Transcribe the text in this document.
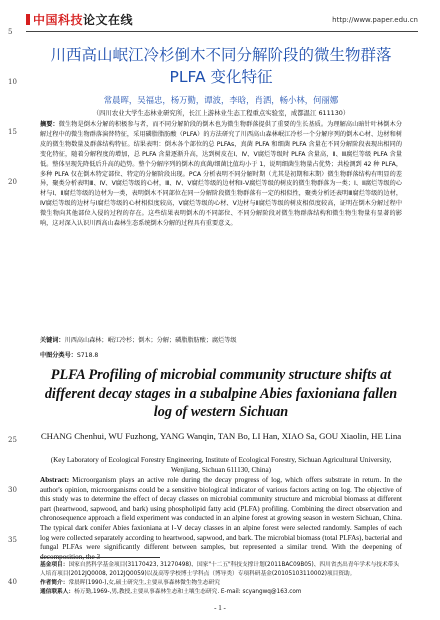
中国科技论文在线	http://www.paper.edu.cn
5
10
15
20
25
30
35
40
川西高山岷江冷杉倒木不同分解阶段的微生物群落 PLFA 变化特征
常晨晖，吴福忠，杨万勤，谭波，李晗，肖洒，畅小林，何丽娜
（四川农业大学生态林业研究所，长江上游林业生态工程重点实验室，成都温江 611130）
摘要：微生物是倒木分解的积极参与者，而不同分解阶段的倒木也为微生物群落提供了重要的生长基质。为理解高山暗针叶林倒木分解过程中的微生物群落演替特征，采用磷脂脂肪酸（PLFA）的方法研究了川西高山森林岷江冷杉一个分解序列的倒木心材、边材和树皮的微生物数量及群落结构特征。结果表明：倒木各个部位的总 PLFAs，真菌 PLFA 和细菌 PLFA 含量在不同分解阶段表现出相同的变化特征，随着分解程度的增加，总 PLFA 含量逐渐升高，达到树皮在Ⅰ、Ⅳ、Ⅴ腐烂等级时 PLFA 含量高，Ⅱ、Ⅲ腐烂等级 PLFA 含量低。整体呈现先降低后升高的趋势。整个分解序列的倒木的真菌/细菌比值均小于 1，说明细菌生物量占优势；共检测到 42 种 PLFA，多种 PLFA 仅在倒木特定部位、特定的分解阶段出现。PCA 分析表明不同分解时期（尤其是初期和末期）微生物群落结构有明显的差异，聚类分析表明Ⅲ、Ⅳ、Ⅴ腐烂等级的心材，Ⅲ、Ⅳ、Ⅴ腐烂等级的边材和Ⅰ-Ⅴ腐烂等级的树皮的微生物群落为一类；Ⅰ、Ⅱ腐烂等级的心材与Ⅰ、Ⅱ腐烂等级的边材为一类，表明倒木不同部位在同一分解阶段微生物群落有一定的相似性，聚类分析还表明Ⅲ腐烂等级的边材，Ⅳ腐烂等级的边材与Ⅰ腐烂等级的心材相似度较高，Ⅴ腐烂等级的心材、Ⅴ边材与Ⅱ腐烂等级的树皮相似度较高，证明在倒木分解过程中微生物向其他部位入侵的过程的存在。这些结果表明倒木的不同部位、不同分解阶段对微生物群落结构和微生物生物量有显著的影响，这对深入认识川西高山森林生态系统倒木分解的过程具有重要意义。
关键词：川西高山森林；岷江冷杉；倒木；分解；磷脂脂肪酸；腐烂等级
中图分类号：S718.8
PLFA Profiling of microbial community structure shifts at different decay stages in a subalpine Abies faxioniana fallen log of western Sichuan
CHANG Chenhui, WU Fuzhong, YANG Wanqin, TAN Bo, LI Han, XIAO Sa, GOU Xiaolin, HE Lina
(Key Laboratory of Ecological Forestry Engineering, Institute of Ecological Forestry, Sichuan Agricultural University, Wenjiang, Sichuan 611130, China)
Abstract: Microorganism plays an active role during the decay progress of log, which offers substrate in return. In the author's opinion, microorganisms could be a sensitive biological indicator of various factors acting on log. The objective of this study was to determine the effect of decay classes on microbial community structure and microbial biomass at different part (heartwood, sapwood, and bark) using phospholipid fatty acid (PLFA) profiling. Combining the direct observation and chronosequence approach a field experiment was conducted in an alpine forest at growing season in western Sichuan, China. The typical dark conifer Abies faxioniana at Ⅰ-Ⅴ decay classes in an alpine forest were selected randomly. Samples of each log were collected separately according to heartwood, sapwood, and bark. The microbial biomass (total PLFAs), bacterial and fungal PLFAs were significantly different between samples, but represented a similar trend. With the deepening of decomposition, the 3
基金项目：国家自然科学基金项目(31170423, 31270498)、国家"十二五"科技支撑计划(2011BAC09B05)、四川省杰出青年学术与技术带头人培育项目(2012JQ0008, 2012JQ0059)以及高等学校博士学科点（博导类）专项科研基金(20105103110002)项目资助。
作者简介：常晨晖(1990-),女,硕士研究生,主要从事森林微生物生态研究
通信联系人：杨万勤,1969-,男,教授,主要从事森林生态和土壤生态研究. E-mail: scyangwq@163.com
- 1 -
